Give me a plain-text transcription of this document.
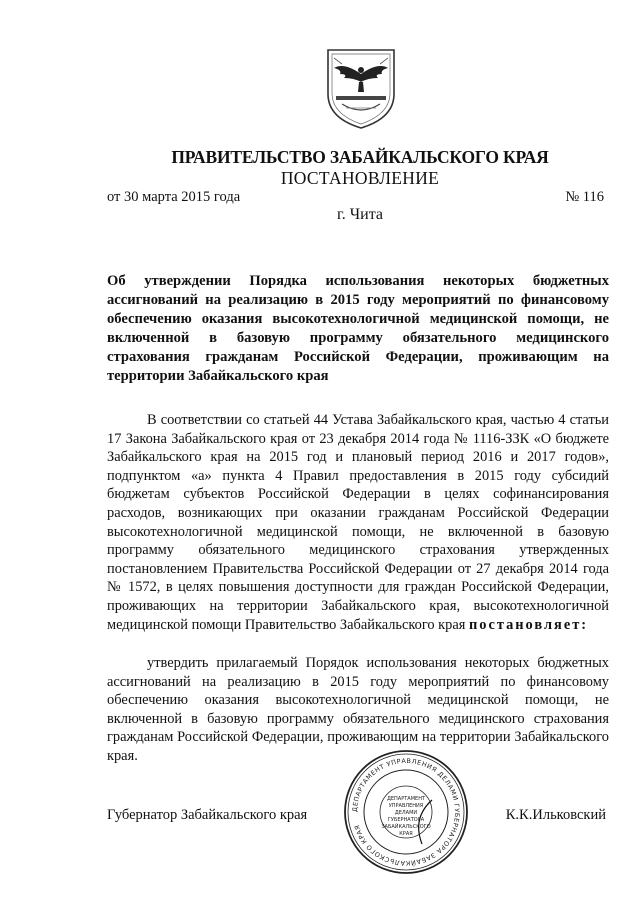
ПРАВИТЕЛЬСТВО ЗАБАЙКАЛЬСКОГО КРАЯ
ПОСТАНОВЛЕНИЕ
от 30 марта 2015 года	№ 116
г. Чита
Об утверждении Порядка использования некоторых бюджетных ассигнований на реализацию в 2015 году мероприятий по финансовому обеспечению оказания высокотехнологичной медицинской помощи, не включенной в базовую программу обязательного медицинского страхования гражданам Российской Федерации, проживающим на территории Забайкальского края
В соответствии со статьей 44 Устава Забайкальского края, частью 4 статьи 17 Закона Забайкальского края от 23 декабря 2014 года № 1116-ЗЗК «О бюджете Забайкальского края на 2015 год и плановый период 2016 и 2017 годов», подпунктом «а» пункта 4 Правил предоставления в 2015 году субсидий бюджетам субъектов Российской Федерации в целях софинансирования расходов, возникающих при оказании гражданам Российской Федерации высокотехнологичной медицинской помощи, не включенной в базовую программу обязательного медицинского страхования утвержденных постановлением Правительства Российской Федерации от 27 декабря 2014 года № 1572, в целях повышения доступности для граждан Российской Федерации, проживающих на территории Забайкальского края, высокотехнологичной медицинской помощи Правительство Забайкальского края постановляет:
утвердить прилагаемый Порядок использования некоторых бюджетных ассигнований на реализацию в 2015 году мероприятий по финансовому обеспечению оказания высокотехнологичной медицинской помощи, не включенной в базовую программу обязательного медицинского страхования гражданам Российской Федерации, проживающим на территории Забайкальского края.
Губернатор Забайкальского края	К.К.Ильковский
ДЕПАРТАМЕНТ УПРАВЛЕНИЯ ДЕЛАМИ ГУБЕРНАТОРА ЗАБАЙКАЛЬСКОГО КРАЯ
ДЕПАРТАМЕНТ
УПРАВЛЕНИЯ
ДЕЛАМИ
ГУБЕРНАТОРА
ЗАБАЙКАЛЬСКОГО
КРАЯ
